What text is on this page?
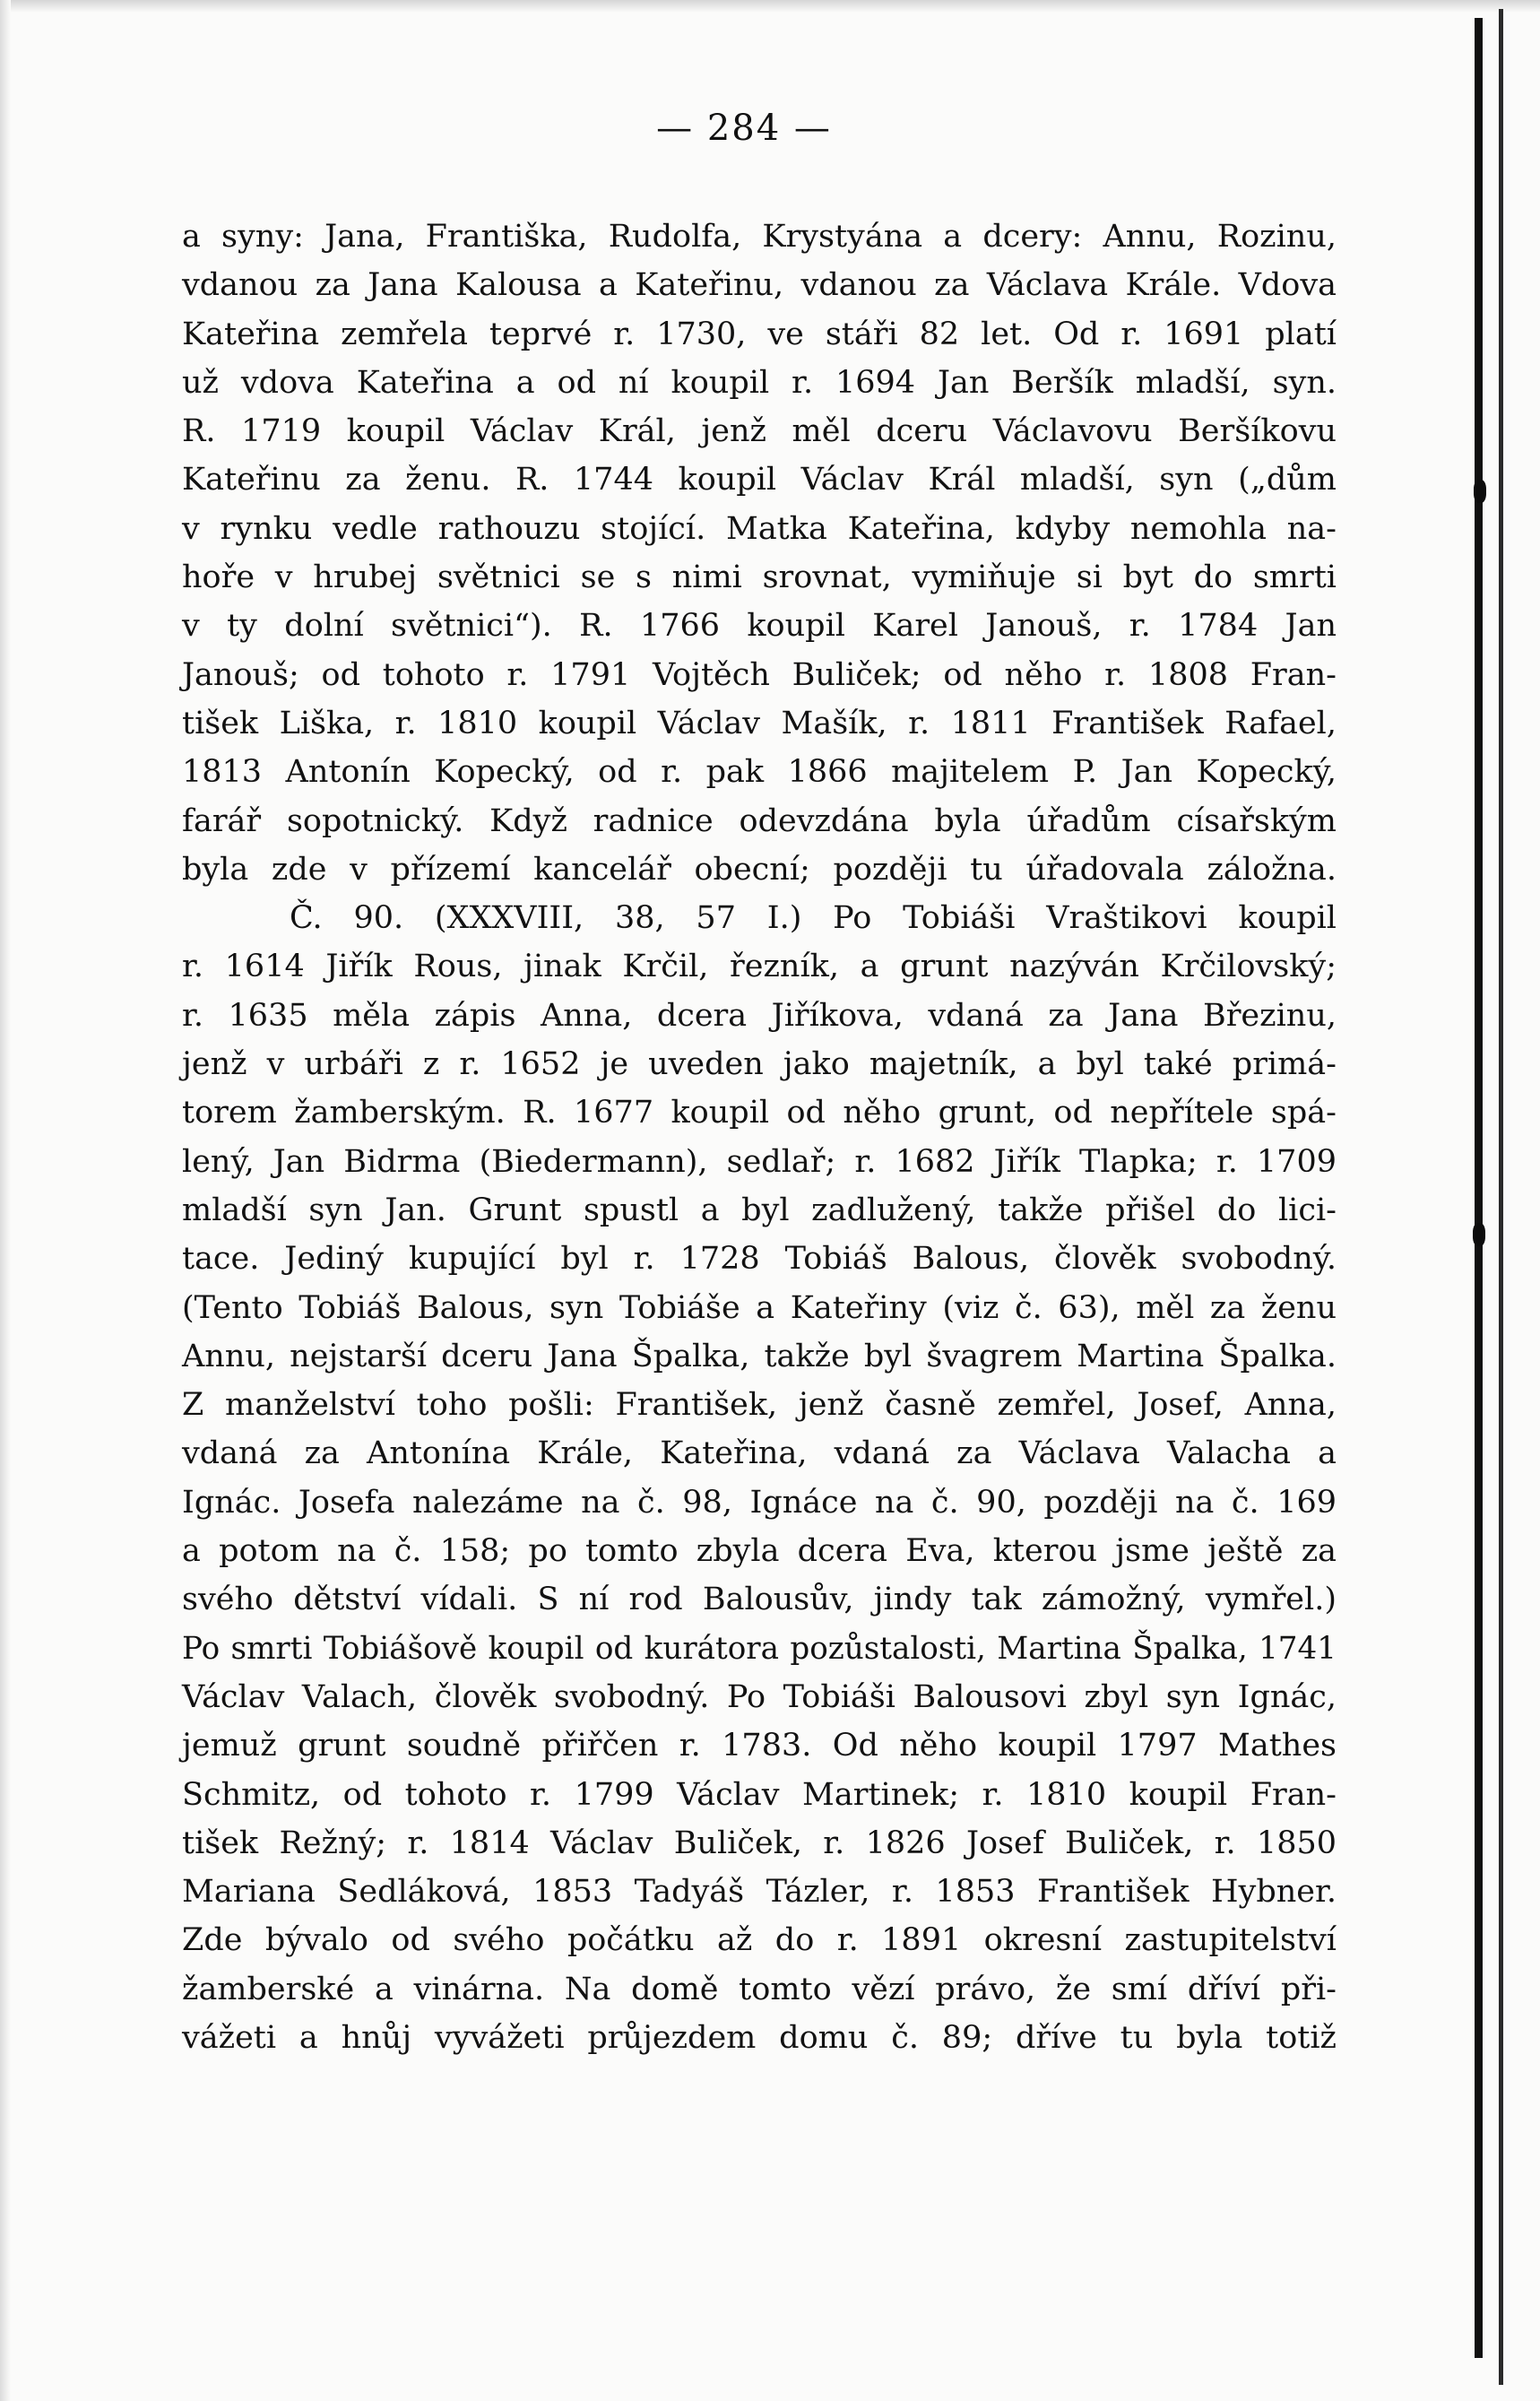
— 284 —
a syny: Jana, Františka, Rudolfa, Krystyána a dcery: Annu, Rozinu,
vdanou za Jana Kalousa a Kateřinu, vdanou za Václava Krále. Vdova
Kateřina zemřela teprvé r. 1730, ve stáři 82 let. Od r. 1691 platí
už vdova Kateřina a od ní koupil r. 1694 Jan Beršík mladší, syn.
R. 1719 koupil Václav Král, jenž měl dceru Václavovu Beršíkovu
Kateřinu za ženu. R. 1744 koupil Václav Král mladší, syn („dům
v rynku vedle rathouzu stojící. Matka Kateřina, kdyby nemohla na-
hoře v hrubej světnici se s nimi srovnat, vymiňuje si byt do smrti
v ty dolní světnici“). R. 1766 koupil Karel Janouš, r. 1784 Jan
Janouš; od tohoto r. 1791 Vojtěch Buliček; od něho r. 1808 Fran-
tišek Liška, r. 1810 koupil Václav Mašík, r. 1811 František Rafael,
1813 Antonín Kopecký, od r. pak 1866 majitelem P. Jan Kopecký,
farář sopotnický. Když radnice odevzdána byla úřadům císařským
byla zde v přízemí kancelář obecní; později tu úřadovala záložna.
Č. 90. (XXXVIII, 38, 57 I.) Po Tobiáši Vraštikovi koupil
r. 1614 Jiřík Rous, jinak Krčil, řezník, a grunt nazýván Krčilovský;
r. 1635 měla zápis Anna, dcera Jiříkova, vdaná za Jana Březinu,
jenž v urbáři z r. 1652 je uveden jako majetník, a byl také primá-
torem žamberským. R. 1677 koupil od něho grunt, od nepřítele spá-
lený, Jan Bidrma (Biedermann), sedlař; r. 1682 Jiřík Tlapka; r. 1709
mladší syn Jan. Grunt spustl a byl zadlužený, takže přišel do lici-
tace. Jediný kupující byl r. 1728 Tobiáš Balous, člověk svobodný.
(Tento Tobiáš Balous, syn Tobiáše a Kateřiny (viz č. 63), měl za ženu
Annu, nejstarší dceru Jana Špalka, takže byl švagrem Martina Špalka.
Z manželství toho pošli: František, jenž časně zemřel, Josef, Anna,
vdaná za Antonína Krále, Kateřina, vdaná za Václava Valacha a
Ignác. Josefa nalezáme na č. 98, Ignáce na č. 90, později na č. 169
a potom na č. 158; po tomto zbyla dcera Eva, kterou jsme ještě za
svého dětství vídali. S ní rod Balousův, jindy tak zámožný, vymřel.)
Po smrti Tobiášově koupil od kurátora pozůstalosti, Martina Špalka, 1741
Václav Valach, člověk svobodný. Po Tobiáši Balousovi zbyl syn Ignác,
jemuž grunt soudně přiřčen r. 1783. Od něho koupil 1797 Mathes
Schmitz, od tohoto r. 1799 Václav Martinek; r. 1810 koupil Fran-
tišek Režný; r. 1814 Václav Buliček, r. 1826 Josef Buliček, r. 1850
Mariana Sedláková, 1853 Tadyáš Tázler, r. 1853 František Hybner.
Zde bývalo od svého počátku až do r. 1891 okresní zastupitelství
žamberské a vinárna. Na domě tomto vězí právo, že smí dříví při-
vážeti a hnůj vyvážeti průjezdem domu č. 89; dříve tu byla totiž
